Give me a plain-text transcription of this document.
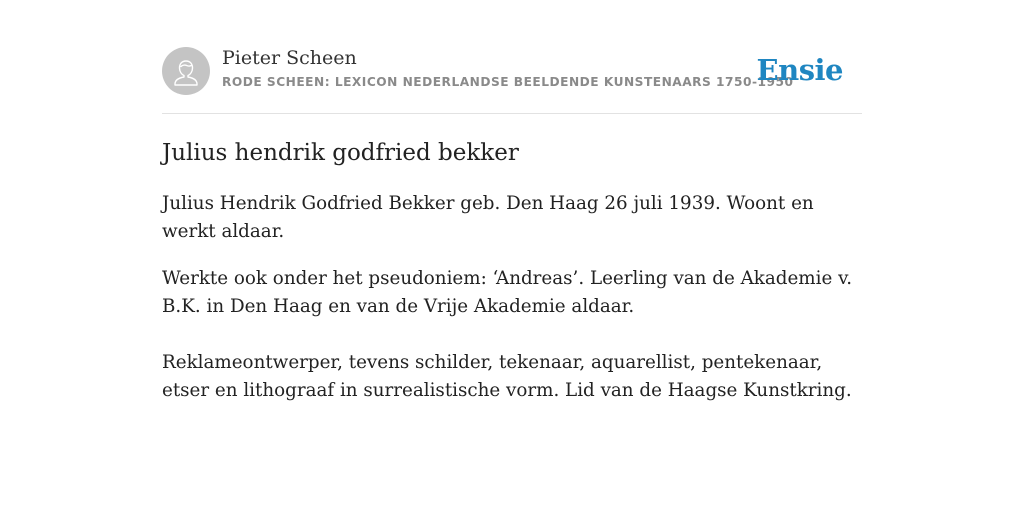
Pieter Scheen
RODE SCHEEN: LEXICON NEDERLANDSE BEELDENDE KUNSTENAARS 1750-1950
Ensie
Julius hendrik godfried bekker

Julius Hendrik Godfried Bekker geb. Den Haag 26 juli 1939. Woont en werkt aldaar.

Werkte ook onder het pseudoniem: ‘Andreas’. Leerling van de Akademie v. B.K. in Den Haag en van de Vrije Akademie aldaar.

Reklameontwerper, tevens schilder, tekenaar, aquarellist, pentekenaar, etser en lithograaf in surrealistische vorm. Lid van de Haagse Kunstkring.
